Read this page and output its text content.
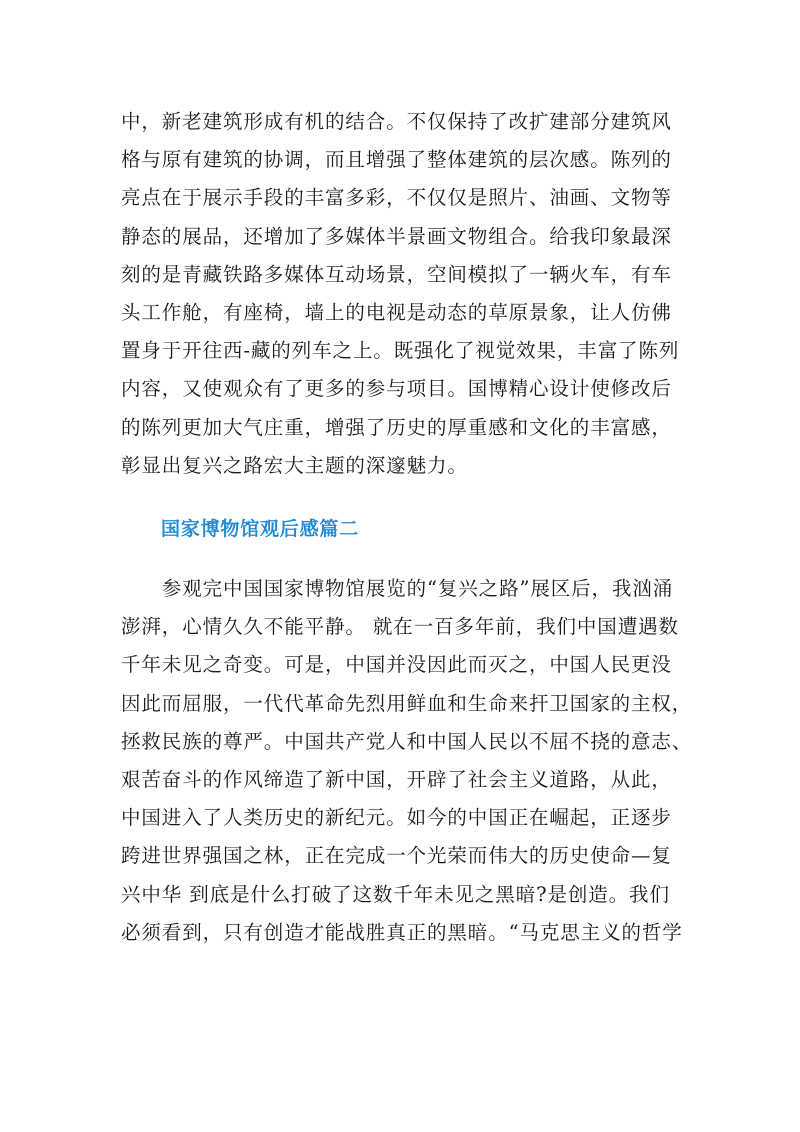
中，新老建筑形成有机的结合。不仅保持了改扩建部分建筑风
格与原有建筑的协调，而且增强了整体建筑的层次感。陈列的
亮点在于展示手段的丰富多彩，不仅仅是照片、油画、文物等
静态的展品，还增加了多媒体半景画文物组合。给我印象最深
刻的是青藏铁路多媒体互动场景，空间模拟了一辆火车，有车
头工作舱，有座椅，墙上的电视是动态的草原景象，让人仿佛
置身于开往西-藏的列车之上。既强化了视觉效果，丰富了陈列
内容，又使观众有了更多的参与项目。国博精心设计使修改后
的陈列更加大气庄重，增强了历史的厚重感和文化的丰富感，
彰显出复兴之路宏大主题的深邃魅力。

国家博物馆观后感篇二

　　参观完中国国家博物馆展览的“复兴之路”展区后，我汹涌
澎湃，心情久久不能平静。 就在一百多年前，我们中国遭遇数
千年未见之奇变。可是，中国并没因此而灭之，中国人民更没
因此而屈服，一代代革命先烈用鲜血和生命来扞卫国家的主权，
拯救民族的尊严。中国共产党人和中国人民以不屈不挠的意志、
艰苦奋斗的作风缔造了新中国，开辟了社会主义道路，从此，
中国进入了人类历史的新纪元。如今的中国正在崛起，正逐步
跨进世界强国之林，正在完成一个光荣而伟大的历史使命—复
兴中华 到底是什么打破了这数千年未见之黑暗?是创造。我们
必须看到，只有创造才能战胜真正的黑暗。“马克思主义的哲学
